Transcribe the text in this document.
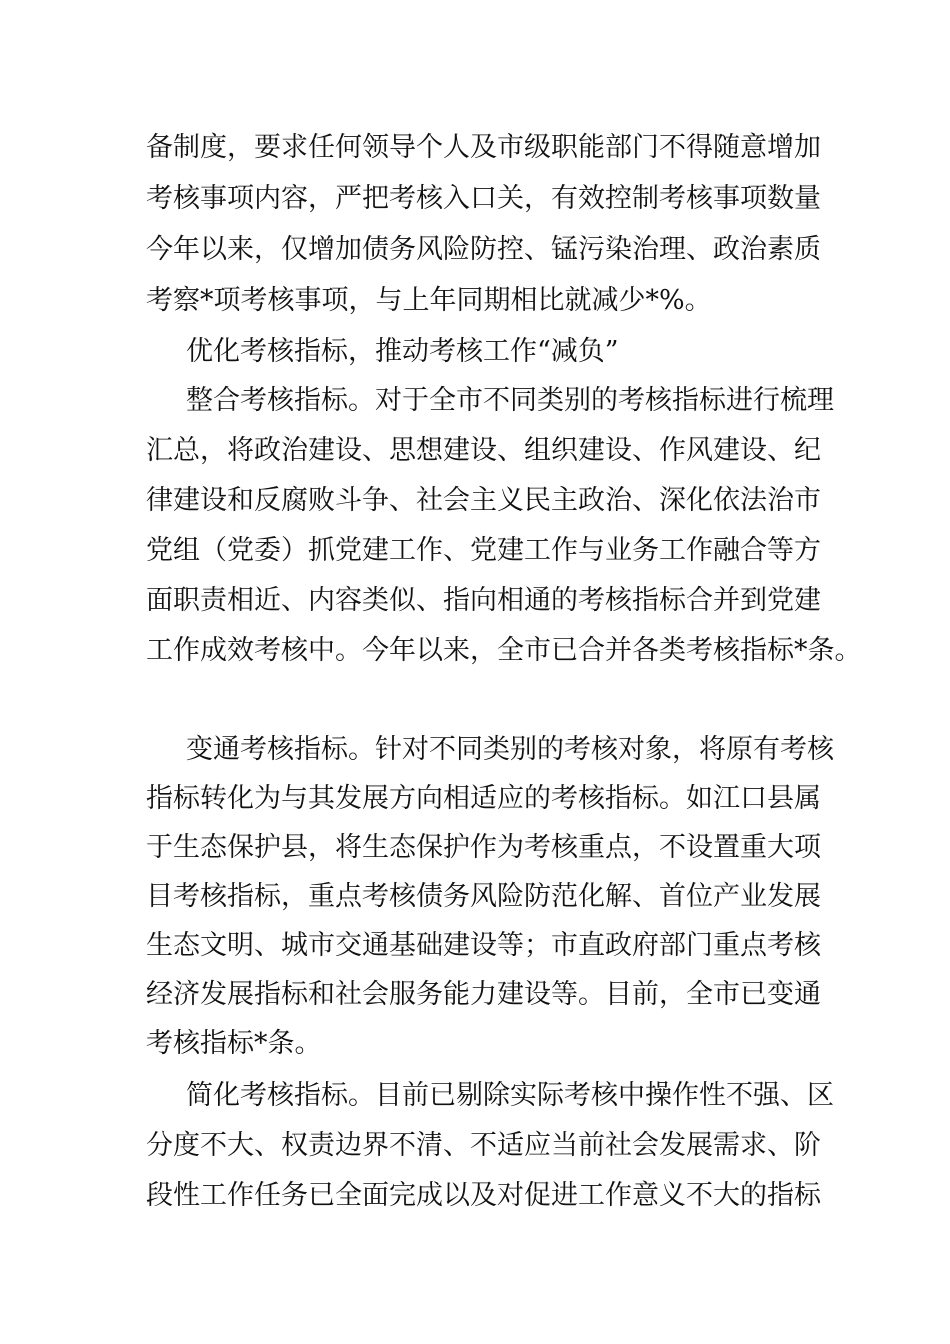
备制度，要求任何领导个人及市级职能部门不得随意增加
考核事项内容，严把考核入口关，有效控制考核事项数量
今年以来，仅增加债务风险防控、锰污染治理、政治素质
考察*项考核事项，与上年同期相比就减少*%。
优化考核指标，推动考核工作“减负”
整合考核指标。对于全市不同类别的考核指标进行梳理
汇总，将政治建设、思想建设、组织建设、作风建设、纪
律建设和反腐败斗争、社会主义民主政治、深化依法治市
党组（党委）抓党建工作、党建工作与业务工作融合等方
面职责相近、内容类似、指向相通的考核指标合并到党建
工作成效考核中。今年以来，全市已合并各类考核指标*条。
变通考核指标。针对不同类别的考核对象，将原有考核
指标转化为与其发展方向相适应的考核指标。如江口县属
于生态保护县，将生态保护作为考核重点，不设置重大项
目考核指标，重点考核债务风险防范化解、首位产业发展
生态文明、城市交通基础建设等；市直政府部门重点考核
经济发展指标和社会服务能力建设等。目前，全市已变通
考核指标*条。
简化考核指标。目前已剔除实际考核中操作性不强、区
分度不大、权责边界不清、不适应当前社会发展需求、阶
段性工作任务已全面完成以及对促进工作意义不大的指标
